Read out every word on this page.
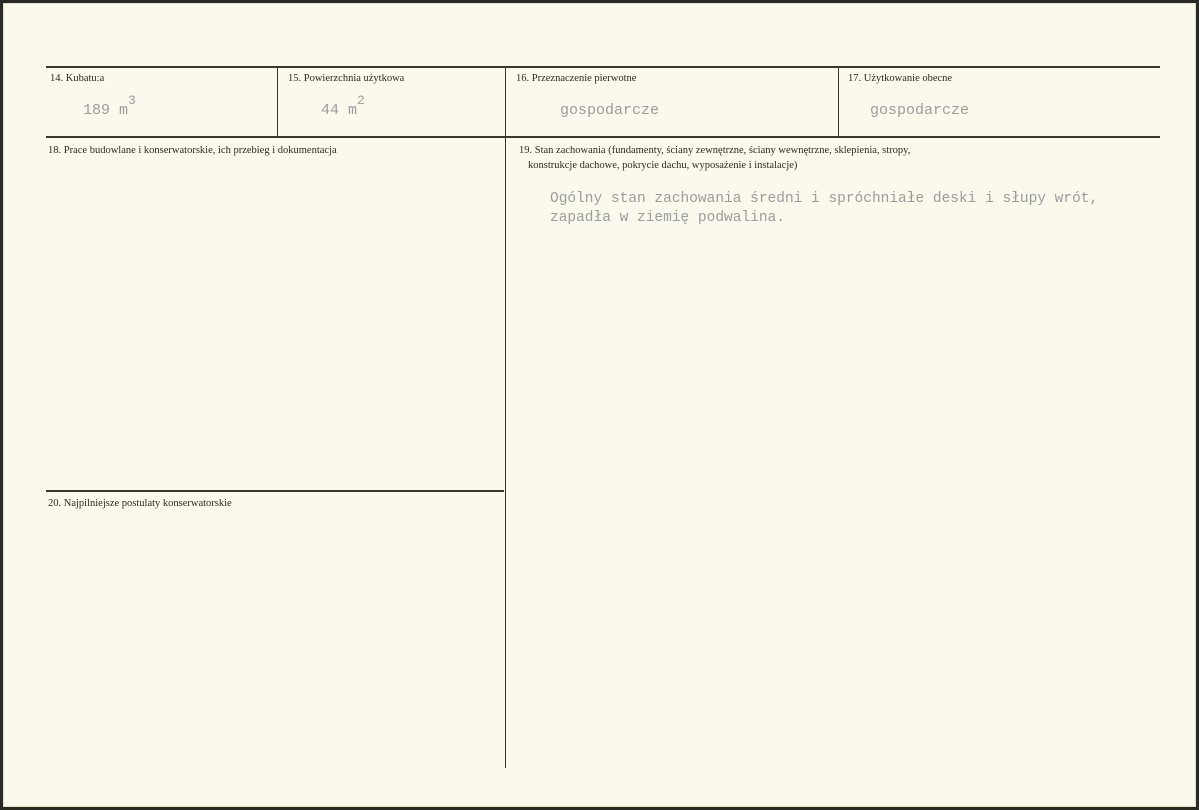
14. Kubatu:a
189 m3
15. Powierzchnia użytkowa
44 m2
16. Przeznaczenie pierwotne
gospodarcze
17. Użytkowanie obecne
gospodarcze
18. Prace budowlane i konserwatorskie, ich przebieg i dokumentacja	19. Stan zachowania (fundamenty, ściany zewnętrzne, ściany wewnętrzne, sklepienia, stropy,
konstrukcje dachowe, pokrycie dachu, wyposażenie i instalacje)
Ogólny stan zachowania średni i spróchniałe deski i słupy wrót,
zapadła w ziemię podwalina.
20. Najpilniejsze postulaty konserwatorskie
